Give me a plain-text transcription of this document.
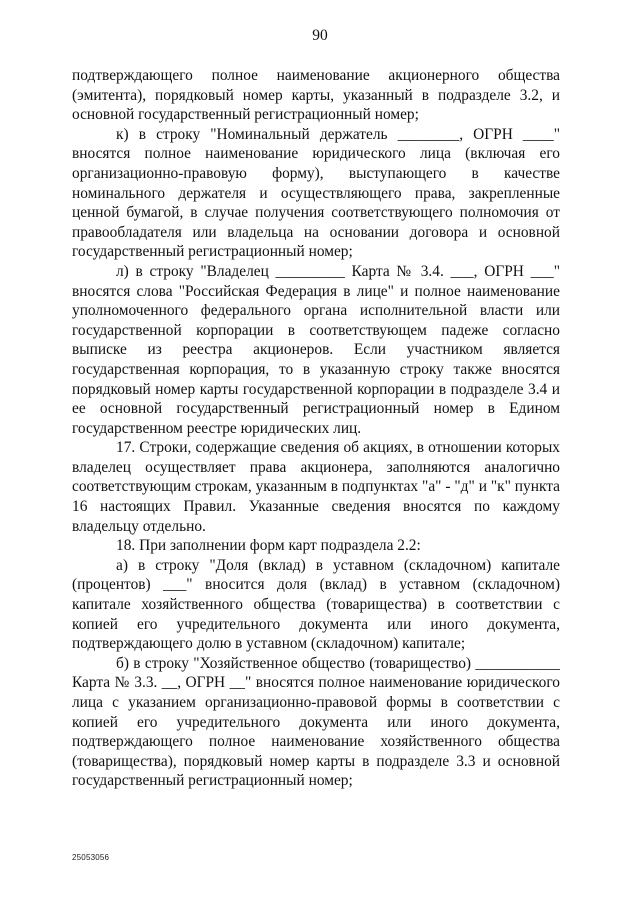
90

подтверждающего полное наименование акционерного общества (эмитента), порядковый номер карты, указанный в подразделе 3.2, и основной государственный регистрационный номер;

к) в строку "Номинальный держатель ________, ОГРН ____" вносятся полное наименование юридического лица (включая его организационно-правовую форму), выступающего в качестве номинального держателя и осуществляющего права, закрепленные ценной бумагой, в случае получения соответствующего полномочия от правообладателя или владельца на основании договора и основной государственный регистрационный номер;

л) в строку "Владелец _________ Карта № 3.4. ___, ОГРН ___" вносятся слова "Российская Федерация в лице" и полное наименование уполномоченного федерального органа исполнительной власти или государственной корпорации в соответствующем падеже согласно выписке из реестра акционеров. Если участником является государственная корпорация, то в указанную строку также вносятся порядковый номер карты государственной корпорации в подразделе 3.4 и ее основной государственный регистрационный номер в Едином государственном реестре юридических лиц.

17. Строки, содержащие сведения об акциях, в отношении которых владелец осуществляет права акционера, заполняются аналогично соответствующим строкам, указанным в подпунктах "а" - "д" и "к" пункта 16 настоящих Правил. Указанные сведения вносятся по каждому владельцу отдельно.

18. При заполнении форм карт подраздела 2.2:

а) в строку "Доля (вклад) в уставном (складочном) капитале (процентов) ___" вносится доля (вклад) в уставном (складочном) капитале хозяйственного общества (товарищества) в соответствии с копией его учредительного документа или иного документа, подтверждающего долю в уставном (складочном) капитале;

б) в строку "Хозяйственное общество (товарищество) ___________ Карта № 3.3. __, ОГРН __" вносятся полное наименование юридического лица с указанием организационно-правовой формы в соответствии с копией его учредительного документа или иного документа, подтверждающего полное наименование хозяйственного общества (товарищества), порядковый номер карты в подразделе 3.3 и основной государственный регистрационный номер;

25053056
